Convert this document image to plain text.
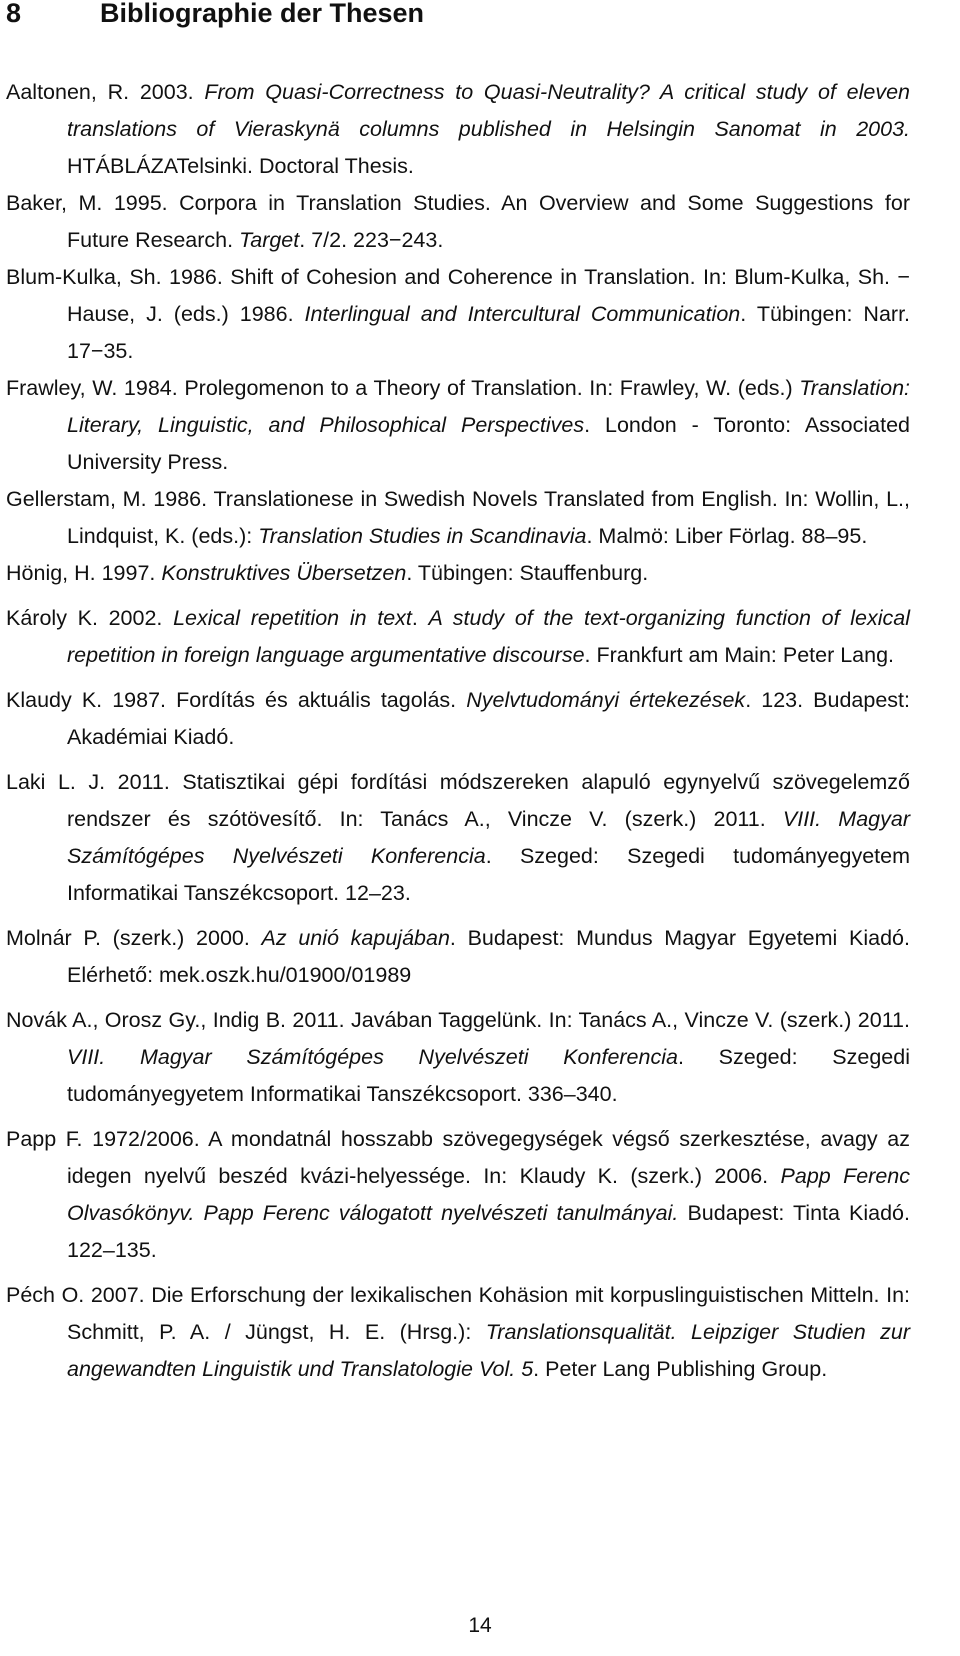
8	Bibliographie der Thesen

Aaltonen, R. 2003. From Quasi-Correctness to Quasi-Neutrality? A critical study of eleven translations of Vieraskynä columns published in Helsingin Sanomat in 2003. HTÁBLÁZATelsinki. Doctoral Thesis.

Baker, M. 1995. Corpora in Translation Studies. An Overview and Some Suggestions for Future Research. Target. 7/2. 223−243.

Blum-Kulka, Sh. 1986. Shift of Cohesion and Coherence in Translation. In: Blum-Kulka, Sh. − Hause, J. (eds.) 1986. Interlingual and Intercultural Communication. Tübingen: Narr. 17−35.

Frawley, W. 1984. Prolegomenon to a Theory of Translation. In: Frawley, W. (eds.) Translation: Literary, Linguistic, and Philosophical Perspectives. London - Toronto: Associated University Press.

Gellerstam, M. 1986. Translationese in Swedish Novels Translated from English. In: Wollin, L., Lindquist, K. (eds.): Translation Studies in Scandinavia. Malmö: Liber Förlag. 88–95.

Hönig, H. 1997. Konstruktives Übersetzen. Tübingen: Stauffenburg.

Károly K. 2002. Lexical repetition in text. A study of the text-organizing function of lexical repetition in foreign language argumentative discourse. Frankfurt am Main: Peter Lang.

Klaudy K. 1987. Fordítás és aktuális tagolás. Nyelvtudományi értekezések. 123. Budapest: Akadémiai Kiadó.

Laki L. J. 2011. Statisztikai gépi fordítási módszereken alapuló egynyelvű szövegelemző rendszer és szótövesítő. In: Tanács A., Vincze V. (szerk.) 2011. VIII. Magyar Számítógépes Nyelvészeti Konferencia. Szeged: Szegedi tudományegyetem Informatikai Tanszékcsoport. 12–23.

Molnár P. (szerk.) 2000. Az unió kapujában. Budapest: Mundus Magyar Egyetemi Kiadó. Elérhető: mek.oszk.hu/01900/01989

Novák A., Orosz Gy., Indig B. 2011. Javában Taggelünk. In: Tanács A., Vincze V. (szerk.) 2011. VIII. Magyar Számítógépes Nyelvészeti Konferencia. Szeged: Szegedi tudományegyetem Informatikai Tanszékcsoport. 336–340.

Papp F. 1972/2006. A mondatnál hosszabb szövegegységek végső szerkesztése, avagy az idegen nyelvű beszéd kvázi-helyessége. In: Klaudy K. (szerk.) 2006. Papp Ferenc Olvasókönyv. Papp Ferenc válogatott nyelvészeti tanulmányai. Budapest: Tinta Kiadó. 122–135.

Péch O. 2007. Die Erforschung der lexikalischen Kohäsion mit korpuslinguistischen Mitteln. In: Schmitt, P. A. / Jüngst, H. E. (Hrsg.): Translationsqualität. Leipziger Studien zur angewandten Linguistik und Translatologie Vol. 5. Peter Lang Publishing Group.

14
